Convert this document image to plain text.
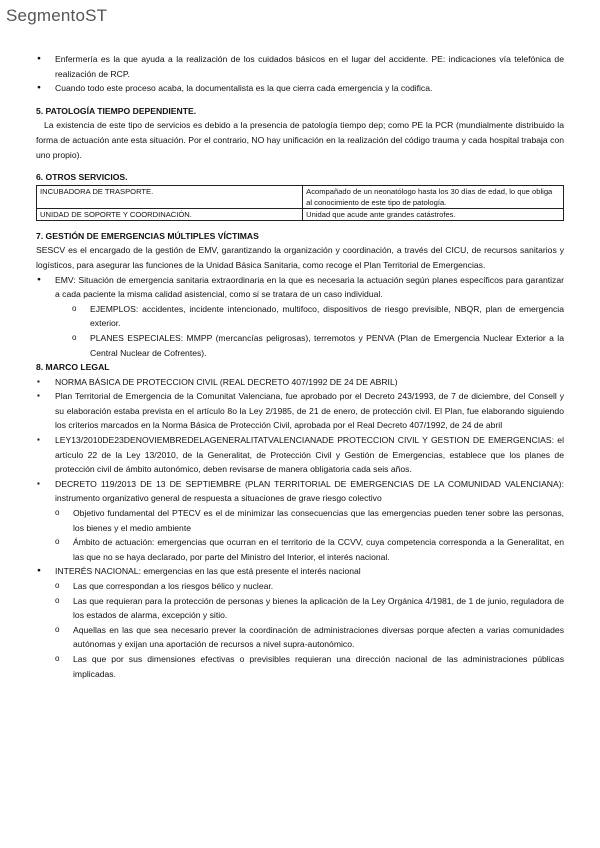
SegmentoST
● Enfermería es la que ayuda a la realización de los cuidados básicos en el lugar del accidente. PE: indicaciones vía telefónica de realización de RCP.
● Cuando todo este proceso acaba, la documentalista es la que cierra cada emergencia y la codifica.
5. PATOLOGÍA TIEMPO DEPENDIENTE.

La existencia de este tipo de servicios es debido a la presencia de patología tiempo dep; como PE la PCR (mundialmente distribuido la forma de actuación ante esta situación. Por el contrario, NO hay unificación en la realización del código trauma y cada hospital trabaja con uno propio).

6. OTROS SERVICIOS.
INCUBADORA DE TRASPORTE.	Acompañado de un neonatólogo hasta los 30 días de edad, lo que obliga al conocimiento de este tipo de patología.
UNIDAD DE SOPORTE Y COORDINACIÓN.	Unidad que acude ante grandes catástrofes.
7. GESTIÓN DE EMERGENCIAS MÚLTIPLES VÍCTIMAS

SESCV es el encargado de la gestión de EMV, garantizando la organización y coordinación, a través del CICU, de recursos sanitarios y logísticos, para asegurar las funciones de la Unidad Básica Sanitaria, como recoge el Plan Territorial de Emergencias.

● EMV: Situación de emergencia sanitaria extraordinaria en la que es necesaria la actuación según planes específicos para garantizar a cada paciente la misma calidad asistencial, como si se tratara de un caso individual.
o EJEMPLOS: accidentes, incidente intencionado, multifoco, dispositivos de riesgo previsible, NBQR, plan de emergencia exterior.
o PLANES ESPECIALES: MMPP (mercancías peligrosas), terremotos y PENVA (Plan de Emergencia Nuclear Exterior a la Central Nuclear de Cofrentes).
8. MARCO LEGAL
▪ NORMA BÁSICA DE PROTECCION CIVIL (REAL DECRETO 407/1992 DE 24 DE ABRIL)
▪ Plan Territorial de Emergencia de la Comunitat Valenciana, fue aprobado por el Decreto 243/1993, de 7 de diciembre, del Consell y su elaboración estaba prevista en el artículo 8o la Ley 2/1985, de 21 de enero, de protección civil. El Plan, fue elaborando siguiendo los criterios marcados en la Norma Básica de Protección Civil, aprobada por el Real Decreto 407/1992, de 24 de abril
▪ LEY13/2010DE23DENOVIEMBREDELAGENERALITATVALENCIANADE PROTECCION CIVIL Y GESTION DE EMERGENCIAS: el artículo 22 de la Ley 13/2010, de la Generalitat, de Protección Civil y Gestión de Emergencias, establece que los planes de protección civil de ámbito autonómico, deben revisarse de manera obligatoria cada seis años.
▪ DECRETO 119/2013 DE 13 DE SEPTIEMBRE (PLAN TERRITORIAL DE EMERGENCIAS DE LA COMUNIDAD VALENCIANA): instrumento organizativo general de respuesta a situaciones de grave riesgo colectivo
o Objetivo fundamental del PTECV es el de minimizar las consecuencias que las emergencias pueden tener sobre las personas, los bienes y el medio ambiente
o Ámbito de actuación: emergencias que ocurran en el territorio de la CCVV, cuya competencia corresponda a la Generalitat, en las que no se haya declarado, por parte del Ministro del Interior, el interés nacional.
● INTERÉS NACIONAL: emergencias en las que está presente el interés nacional
o Las que correspondan a los riesgos bélico y nuclear.
o Las que requieran para la protección de personas y bienes la aplicación de la Ley Orgánica 4/1981, de 1 de junio, reguladora de los estados de alarma, excepción y sitio.
o Aquellas en las que sea necesario prever la coordinación de administraciones diversas porque afecten a varias comunidades autónomas y exijan una aportación de recursos a nivel supra-autonómico.
o Las que por sus dimensiones efectivas o previsibles requieran una dirección nacional de las administraciones públicas implicadas.
